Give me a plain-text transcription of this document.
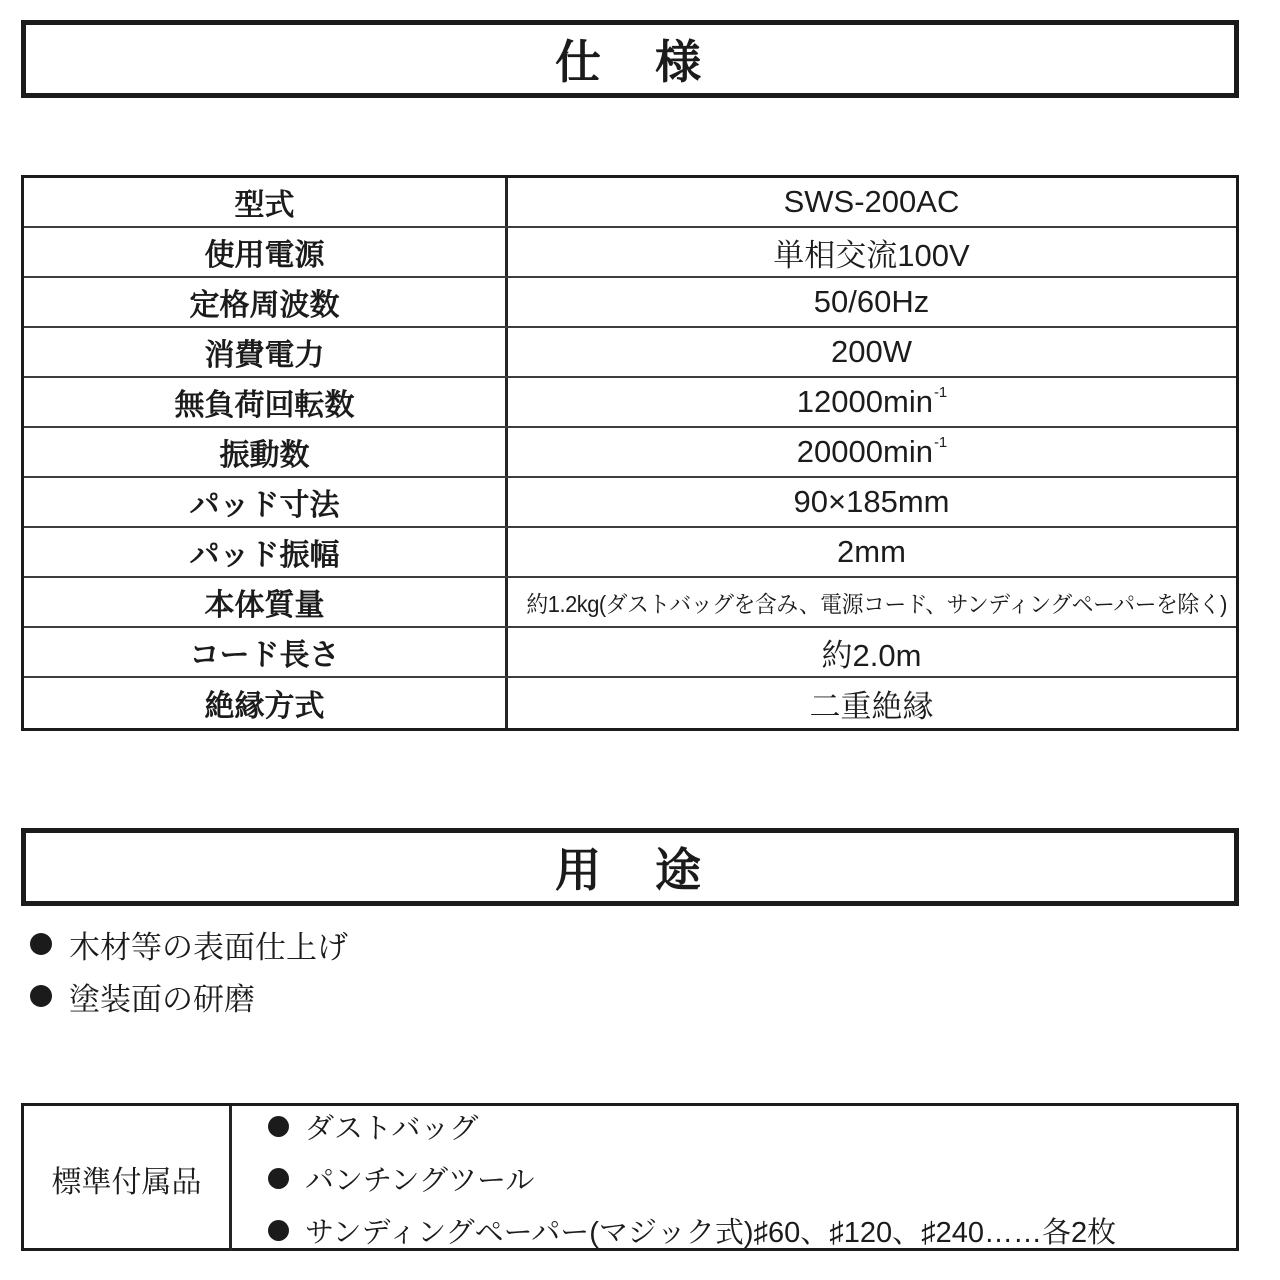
仕　様
型式	SWS-200AC
使用電源	単相交流100V
定格周波数	50/60Hz
消費電力	200W
無負荷回転数	$12000\min^{-1}$
振動数	$20000\min^{-1}$
パッド寸法	90×185mm
パッド振幅	2mm
本体質量	約1.2kg(ダストバッグを含み、電源コード、サンディングペーパーを除く)
コード長さ	約2.0m
絶縁方式	二重絶縁
用　途
木材等の表面仕上げ
塗装面の研磨
標準付属品
ダストバッグ
パンチングツール
サンディングペーパー(マジック式)♯60、♯120、♯240……各2枚
